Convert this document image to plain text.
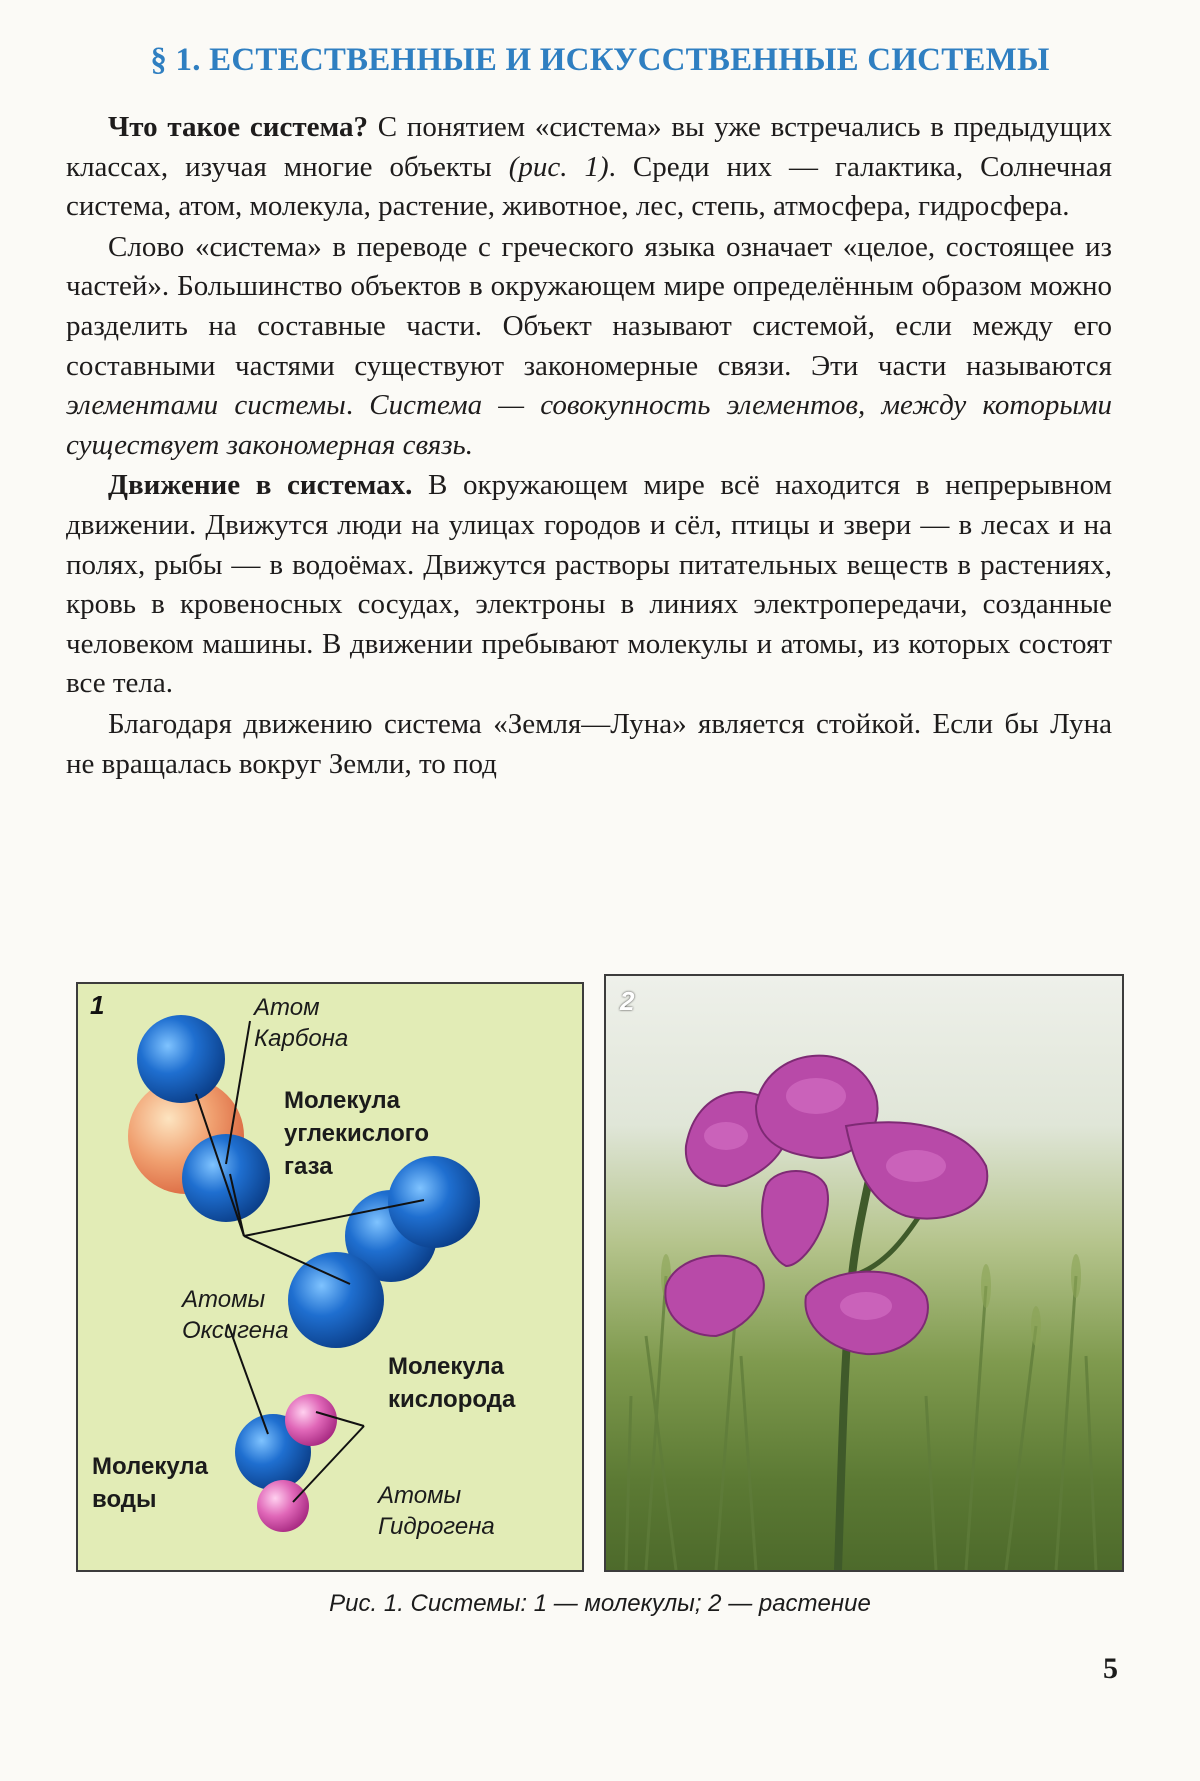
§ 1. ЕСТЕСТВЕННЫЕ И ИСКУССТВЕННЫЕ СИСТЕМЫ

Что такое система? С понятием «система» вы уже встречались в предыдущих классах, изучая многие объекты (рис. 1). Среди них — галактика, Солнечная система, атом, молекула, растение, животное, лес, степь, атмосфера, гидросфера.

Слово «система» в переводе с греческого языка означает «целое, состоящее из частей». Большинство объектов в окружающем мире определённым образом можно разделить на составные части. Объект называют системой, если между его составными частями существуют закономерные связи. Эти части называются элементами системы. Система — совокупность элементов, между которыми существует закономерная связь.

Движение в системах. В окружающем мире всё находится в непрерывном движении. Движутся люди на улицах городов и сёл, птицы и звери — в лесах и на полях, рыбы — в водоёмах. Движутся растворы питательных веществ в растениях, кровь в кровеносных сосудах, электроны в линиях электропередачи, созданные человеком машины. В движении пребывают молекулы и атомы, из которых состоят все тела.

Благодаря движению система «Земля—Луна» является стойкой. Если бы Луна не вращалась вокруг Земли, то под

1	Атом Карбона
Молекула углекислого газа
Атомы Оксигена
Молекула кислорода
Молекула воды	Атомы Гидрогена
2
Рис. 1. Системы: 1 — молекулы; 2 — растение
5
